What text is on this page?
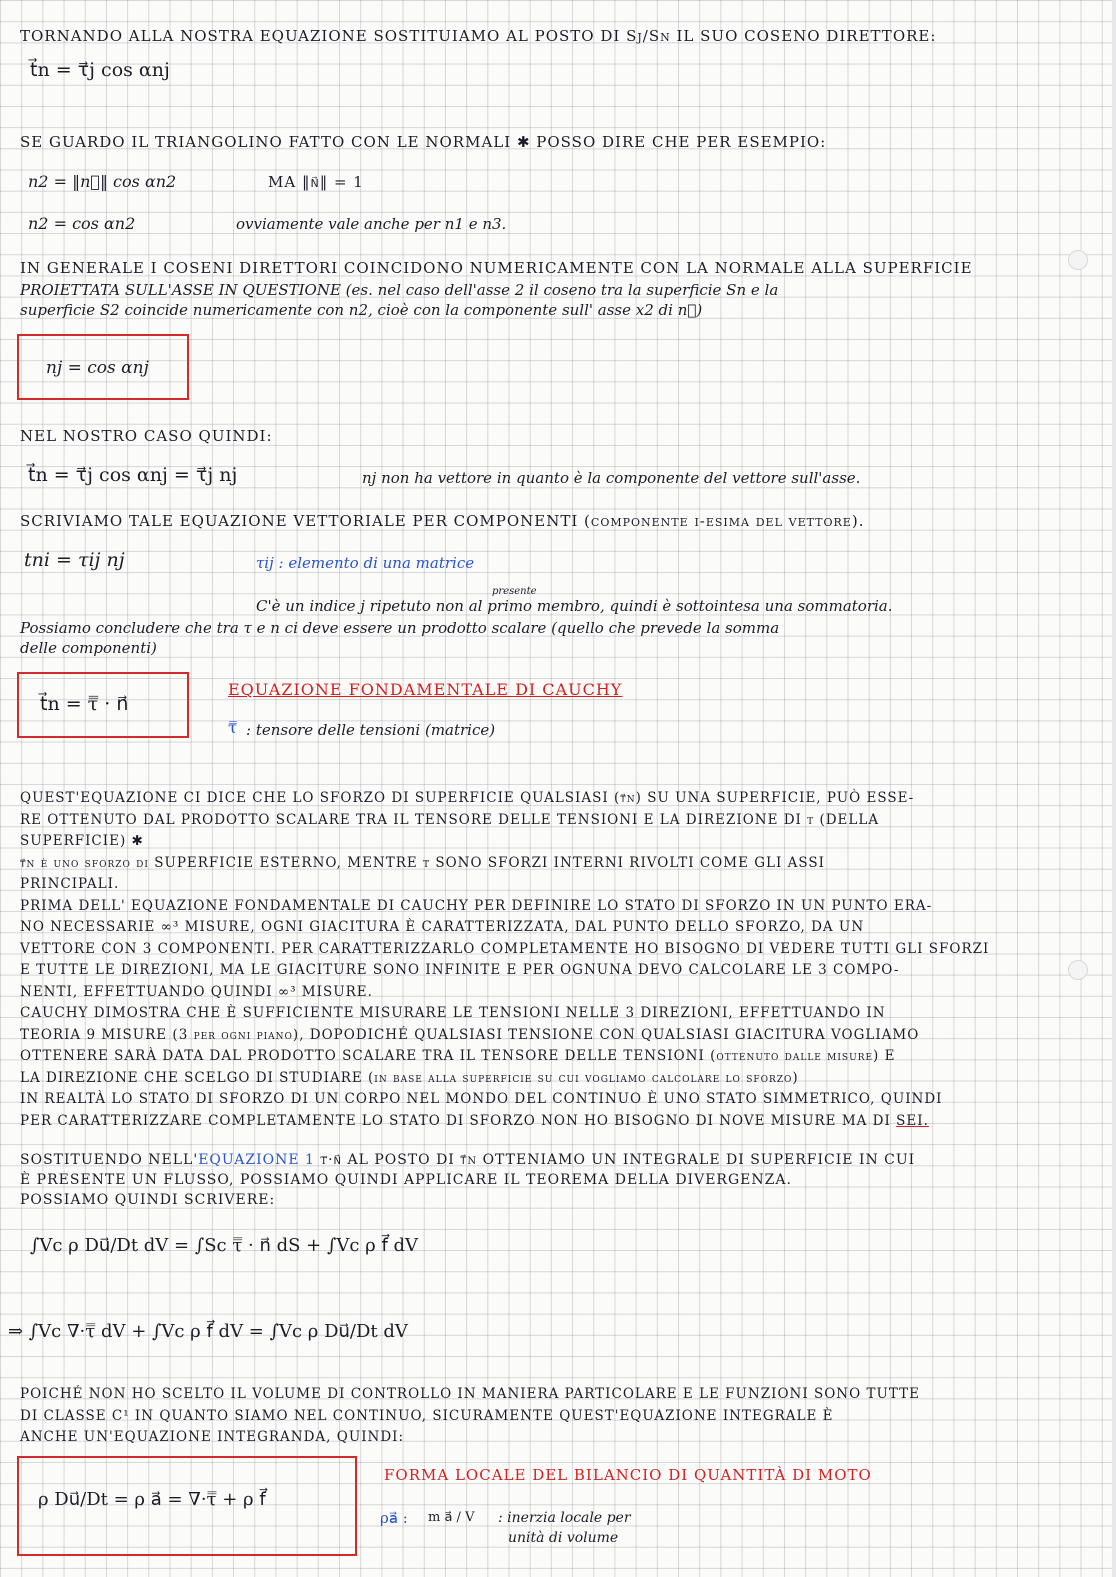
TORNANDO ALLA NOSTRA EQUAZIONE SOSTITUIAMO AL POSTO DI Sj/Sn IL SUO COSENO DIRETTORE:
t⃗n = τ⃗j cos αnj
SE GUARDO IL TRIANGOLINO FATTO CON LE NORMALI ✱ POSSO DIRE CHE PER ESEMPIO:
n2 = ‖n⃗‖ cos αn2	MA ‖n⃗‖ = 1
n2 = cos αn2	ovviamente vale anche per n1 e n3.
IN GENERALE I COSENI DIRETTORI COINCIDONO NUMERICAMENTE CON LA NORMALE ALLA SUPERFICIE
PROIETTATA SULL'ASSE IN QUESTIONE (es. nel caso dell'asse 2 il coseno tra la superficie Sn e la
superficie S2 coincide numericamente con n2, cioè con la componente sull' asse x2 di n⃗)
nj = cos αnj
NEL NOSTRO CASO QUINDI:
t⃗n = τ⃗j cos αnj = τ⃗j nj	nj non ha vettore in quanto è la componente del vettore sull'asse.
SCRIVIAMO TALE EQUAZIONE VETTORIALE PER COMPONENTI (componente i-esima del vettore).
tni = τij nj	τij : elemento di una matrice
presente
C'è un indice j ripetuto non al primo membro, quindi è sottointesa una sommatoria.
Possiamo concludere che tra τ e n ci deve essere un prodotto scalare (quello che prevede la somma
delle componenti)
t⃗n = τ̿ · n⃗
EQUAZIONE FONDAMENTALE DI CAUCHY
τ̿ : tensore delle tensioni (matrice)
QUEST'EQUAZIONE CI DICE CHE LO SFORZO DI SUPERFICIE QUALSIASI (t⃗n) SU UNA SUPERFICIE, PUÒ ESSE-
RE OTTENUTO DAL PRODOTTO SCALARE TRA IL TENSORE DELLE TENSIONI E LA DIREZIONE DI τ (DELLA
SUPERFICIE) ✱
t⃗n è uno sforzo di SUPERFICIE ESTERNO, MENTRE τ̿ SONO SFORZI INTERNI RIVOLTI COME GLI ASSI
PRINCIPALI.
PRIMA DELL' EQUAZIONE FONDAMENTALE DI CAUCHY PER DEFINIRE LO STATO DI SFORZO IN UN PUNTO ERA-
NO NECESSARIE ∞³ MISURE, OGNI GIACITURA È CARATTERIZZATA, DAL PUNTO DELLO SFORZO, DA UN
VETTORE CON 3 COMPONENTI. PER CARATTERIZZARLO COMPLETAMENTE HO BISOGNO DI VEDERE TUTTI GLI SFORZI
E TUTTE LE DIREZIONI, MA LE GIACITURE SONO INFINITE E PER OGNUNA DEVO CALCOLARE LE 3 COMPO-
NENTI, EFFETTUANDO QUINDI ∞³ MISURE.
CAUCHY DIMOSTRA CHE È SUFFICIENTE MISURARE LE TENSIONI NELLE 3 DIREZIONI, EFFETTUANDO IN
TEORIA 9 MISURE (3 per ogni piano), DOPODICHÉ QUALSIASI TENSIONE CON QUALSIASI GIACITURA VOGLIAMO
OTTENERE SARÀ DATA DAL PRODOTTO SCALARE TRA IL TENSORE DELLE TENSIONI (ottenuto dalle misure) E
LA DIREZIONE CHE SCELGO DI STUDIARE (in base alla superficie su cui vogliamo calcolare lo sforzo)
IN REALTÀ LO STATO DI SFORZO DI UN CORPO NEL MONDO DEL CONTINUO È UNO STATO SIMMETRICO, QUINDI
PER CARATTERIZZARE COMPLETAMENTE LO STATO DI SFORZO NON HO BISOGNO DI NOVE MISURE MA DI SEI.
SOSTITUENDO NELL'EQUAZIONE 1 τ̿·n⃗ AL POSTO DI t⃗n OTTENIAMO UN INTEGRALE DI SUPERFICIE IN CUI
È PRESENTE UN FLUSSO, POSSIAMO QUINDI APPLICARE IL TEOREMA DELLA DIVERGENZA.
POSSIAMO QUINDI SCRIVERE:
∫Vc ρ Du⃗/Dt dV = ∫Sc τ̿ · n⃗ dS + ∫Vc ρ f⃗ dV
⇒ ∫Vc ∇·τ̿ dV + ∫Vc ρ f⃗ dV = ∫Vc ρ Du⃗/Dt dV
POICHÉ NON HO SCELTO IL VOLUME DI CONTROLLO IN MANIERA PARTICOLARE E LE FUNZIONI SONO TUTTE
DI CLASSE C¹ IN QUANTO SIAMO NEL CONTINUO, SICURAMENTE QUEST'EQUAZIONE INTEGRALE È
ANCHE UN'EQUAZIONE INTEGRANDA, QUINDI:
ρ Du⃗/Dt = ρ a⃗ = ∇·τ̿ + ρ f⃗
FORMA LOCALE DEL BILANCIO DI QUANTITÀ DI MOTO
ρa⃗ : m a⃗ / V : inerzia locale per
unità di volume
